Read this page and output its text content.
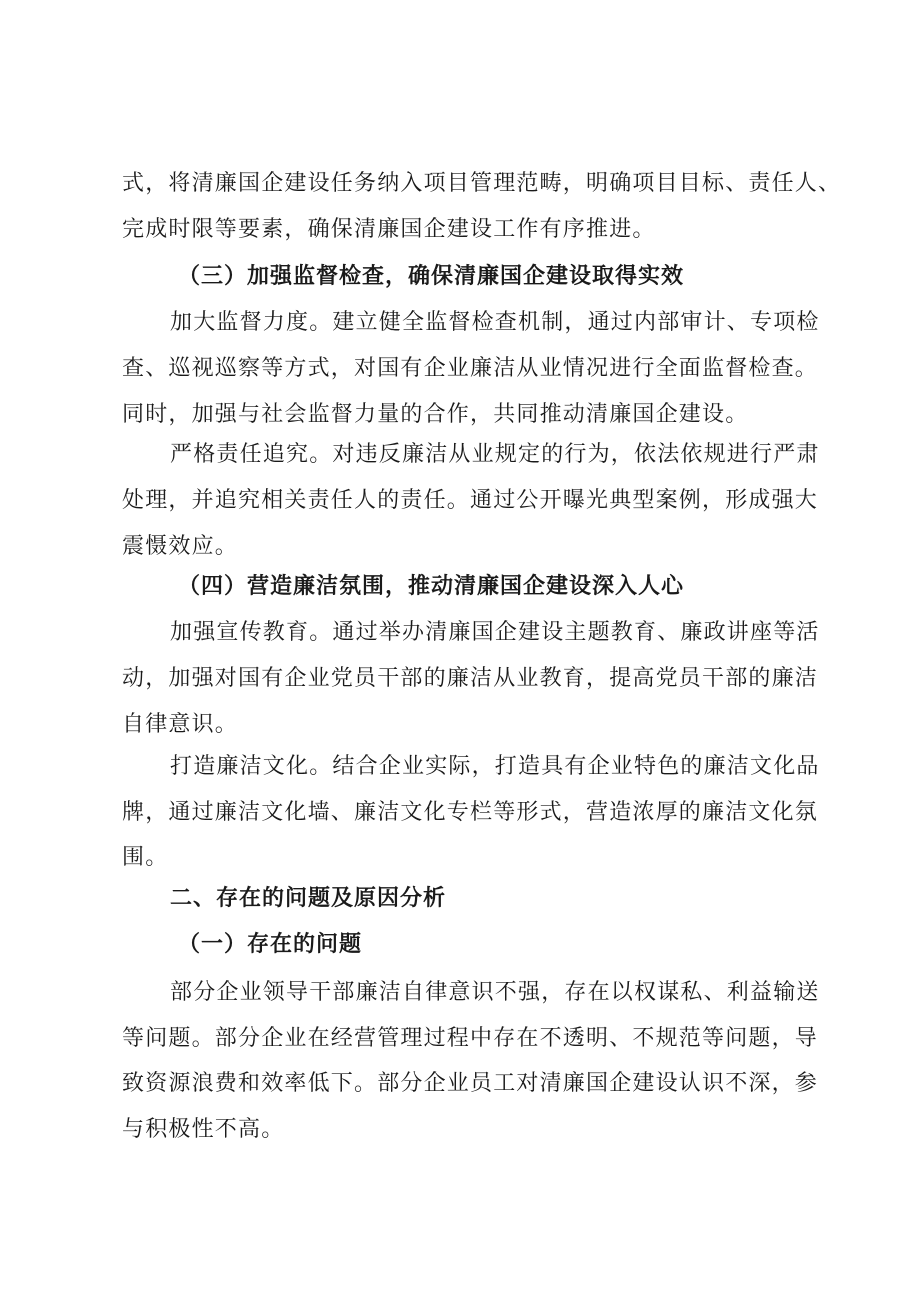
式，将清廉国企建设任务纳入项目管理范畴，明确项目目标、责任人、
完成时限等要素，确保清廉国企建设工作有序推进。
（三）加强监督检查，确保清廉国企建设取得实效
加大监督力度。建立健全监督检查机制，通过内部审计、专项检
查、巡视巡察等方式，对国有企业廉洁从业情况进行全面监督检查。
同时，加强与社会监督力量的合作，共同推动清廉国企建设。
严格责任追究。对违反廉洁从业规定的行为，依法依规进行严肃
处理，并追究相关责任人的责任。通过公开曝光典型案例，形成强大
震慑效应。
（四）营造廉洁氛围，推动清廉国企建设深入人心
加强宣传教育。通过举办清廉国企建设主题教育、廉政讲座等活
动，加强对国有企业党员干部的廉洁从业教育，提高党员干部的廉洁
自律意识。
打造廉洁文化。结合企业实际，打造具有企业特色的廉洁文化品
牌，通过廉洁文化墙、廉洁文化专栏等形式，营造浓厚的廉洁文化氛
围。
二、存在的问题及原因分析
（一）存在的问题
部分企业领导干部廉洁自律意识不强，存在以权谋私、利益输送
等问题。部分企业在经营管理过程中存在不透明、不规范等问题，导
致资源浪费和效率低下。部分企业员工对清廉国企建设认识不深，参
与积极性不高。
